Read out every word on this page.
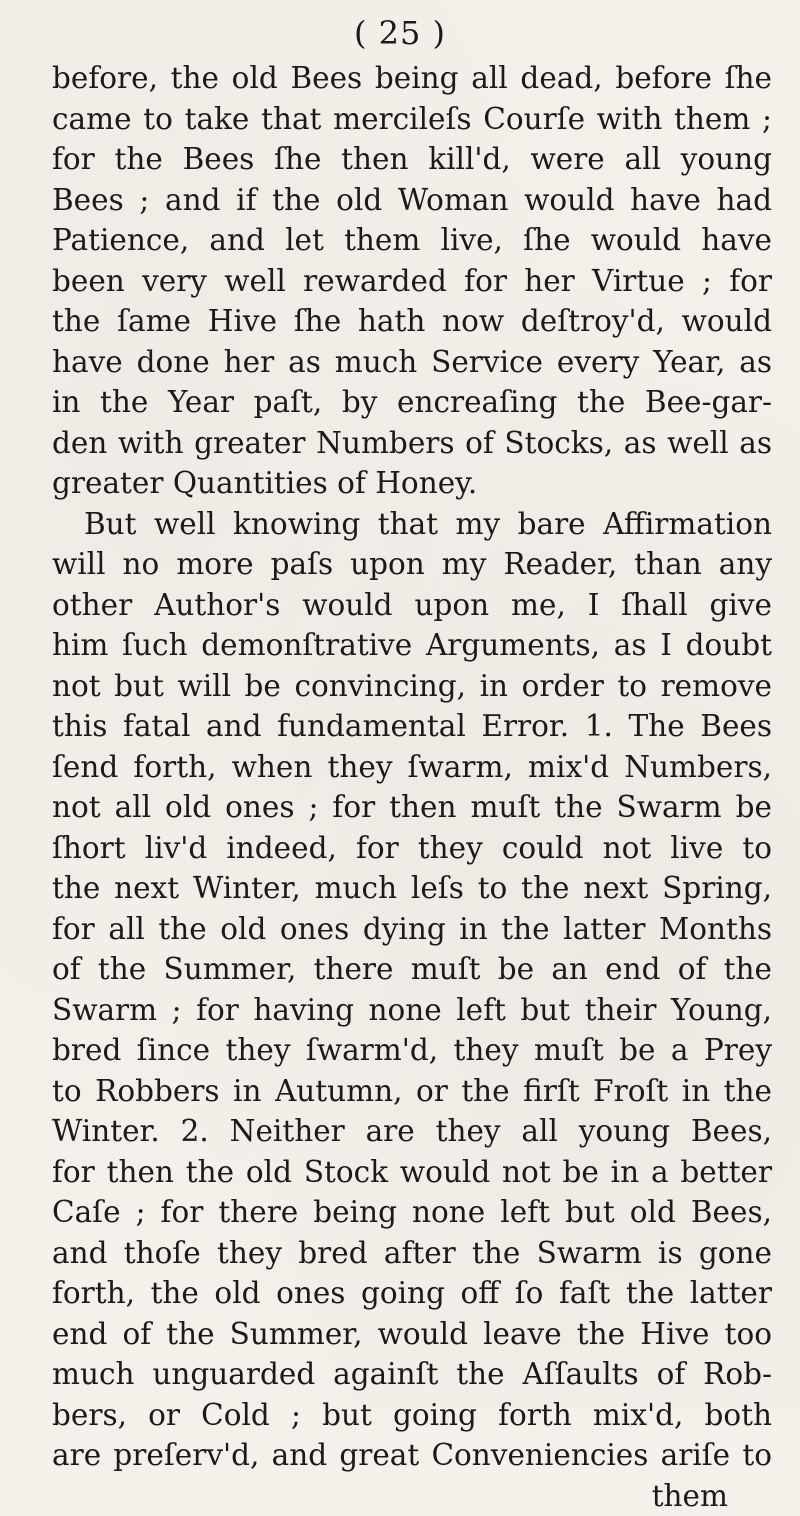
( 25 )
before, the old Bees being all dead, before ſhe
came to take that mercileſs Courſe with them ;
for the Bees ſhe then kill'd, were all young
Bees ; and if the old Woman would have had
Patience, and let them live, ſhe would have
been very well rewarded for her Virtue ; for
the ſame Hive ſhe hath now deſtroy'd, would
have done her as much Service every Year, as
in the Year paſt, by encreaſing the Bee-gar-
den with greater Numbers of Stocks, as well as
greater Quantities of Honey.
But well knowing that my bare Affirmation
will no more paſs upon my Reader, than any
other Author's would upon me, I ſhall give
him ſuch demonſtrative Arguments, as I doubt
not but will be convincing, in order to remove
this fatal and fundamental Error. 1. The Bees
ſend forth, when they ſwarm, mix'd Numbers,
not all old ones ; for then muſt the Swarm be
ſhort liv'd indeed, for they could not live to
the next Winter, much leſs to the next Spring,
for all the old ones dying in the latter Months
of the Summer, there muſt be an end of the
Swarm ; for having none left but their Young,
bred ſince they ſwarm'd, they muſt be a Prey
to Robbers in Autumn, or the firſt Froſt in the
Winter. 2. Neither are they all young Bees,
for then the old Stock would not be in a better
Caſe ; for there being none left but old Bees,
and thoſe they bred after the Swarm is gone
forth, the old ones going off ſo faſt the latter
end of the Summer, would leave the Hive too
much unguarded againſt the Aſſaults of Rob-
bers, or Cold ; but going forth mix'd, both
are preſerv'd, and great Conveniencies ariſe to
them
